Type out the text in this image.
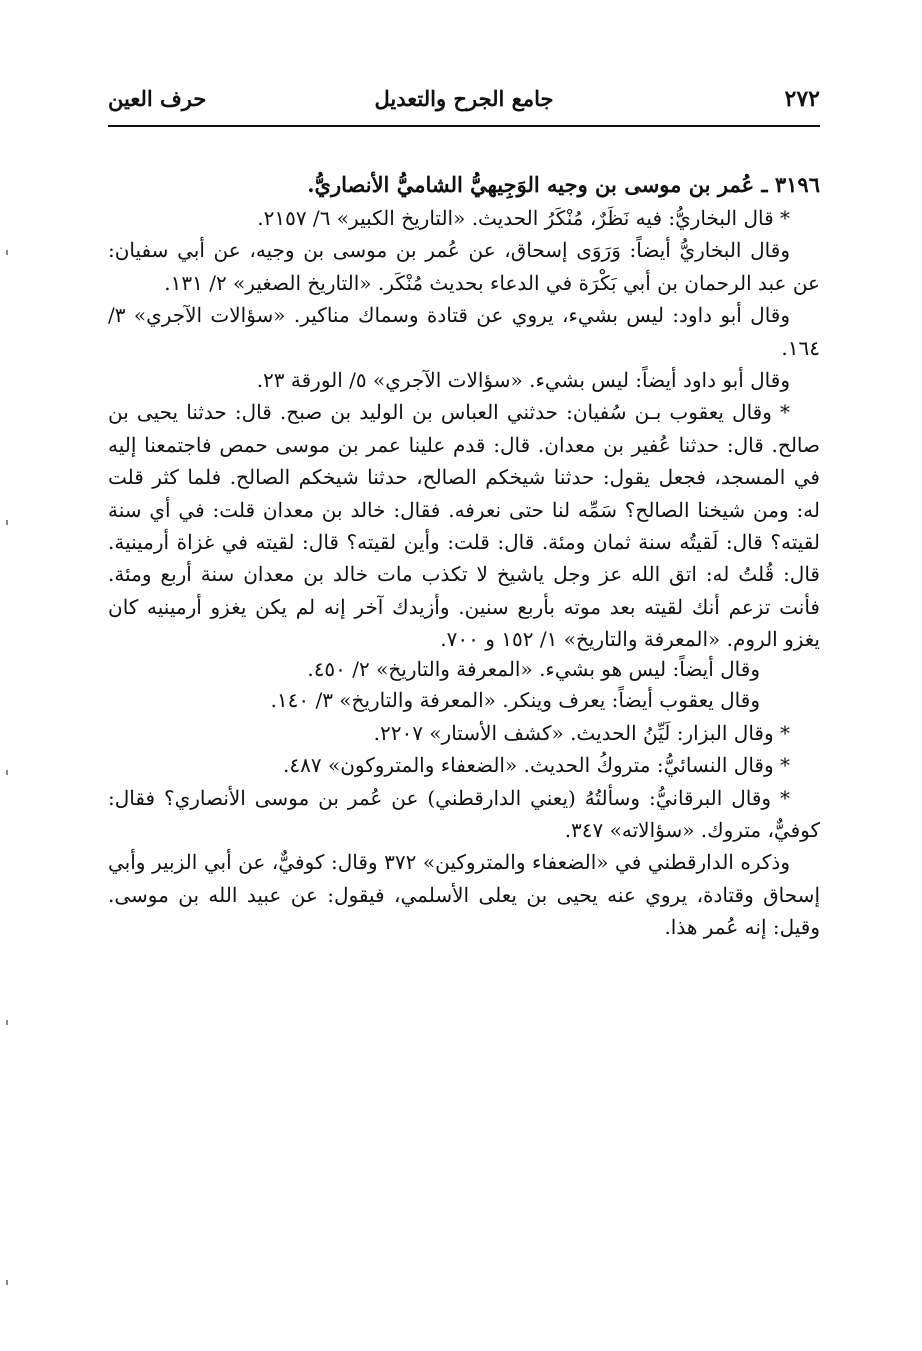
٢٧٢
جامع الجرح والتعديل
حرف العين

٣١٩٦ ـ عُمر بن موسى بن وجيه الوَجِيهيُّ الشاميُّ الأنصاريُّ.

* قال البخاريُّ: فيه نَظَرٌ، مُنْكَرُ الحديث. «التاريخ الكبير» ٦/ ٢١٥٧.

وقال البخاريُّ أيضاً: وَرَوَى إسحاق، عن عُمر بن موسى بن وجيه، عن أبي سفيان: عن عبد الرحمان بن أبي بَكْرَة في الدعاء بحديث مُنْكَر. «التاريخ الصغير» ٢/ ١٣١.

وقال أبو داود: ليس بشيء، يروي عن قتادة وسماك مناكير. «سؤالات الآجري» ٣/ ١٦٤.

وقال أبو داود أيضاً: ليس بشيء. «سؤالات الآجري» ٥/ الورقة ٢٣.

* وقال يعقوب بـن سُفيان: حدثني العباس بن الوليد بن صبح. قال: حدثنا يحيى بن صالح. قال: حدثنا عُفير بن معدان. قال: قدم علينا عمر بن موسى حمص فاجتمعنا إليه في المسجد، فجعل يقول: حدثنا شيخكم الصالح، حدثنا شيخكم الصالح. فلما كثر قلت له: ومن شيخنا الصالح؟ سَمِّه لنا حتى نعرفه. فقال: خالد بن معدان قلت: في أي سنة لقيته؟ قال: لَقيتُه سنة ثمان ومئة. قال: قلت: وأين لقيته؟ قال: لقيته في غزاة أرمينية. قال: قُلتُ له: اتق الله عز وجل ياشيخ لا تكذب مات خالد بن معدان سنة أربع ومئة. فأنت تزعم أنك لقيته بعد موته بأربع سنين. وأزيدك آخر إنه لم يكن يغزو أرمينيه كان يغزو الروم. «المعرفة والتاريخ» ١/ ١٥٢ و ٧٠٠.

وقال أيضاً: ليس هو بشيء. «المعرفة والتاريخ» ٢/ ٤٥٠.

وقال يعقوب أيضاً: يعرف وينكر. «المعرفة والتاريخ» ٣/ ١٤٠.

* وقال البزار: لَيِّنُ الحديث. «كشف الأستار» ٢٢٠٧.

* وقال النسائيُّ: متروكُ الحديث. «الضعفاء والمتروكون» ٤٨٧.

* وقال البرقانيُّ: وسألتُهُ (يعني الدارقطني) عن عُمر بن موسى الأنصاري؟ فقال: كوفيٌّ، متروك. «سؤالاته» ٣٤٧.

وذكره الدارقطني في «الضعفاء والمتروكين» ٣٧٢ وقال: كوفيٌّ، عن أبي الزبير وأبي إسحاق وقتادة، يروي عنه يحيى بن يعلى الأسلمي، فيقول: عن عبيد الله بن موسى. وقيل: إنه عُمر هذا.
